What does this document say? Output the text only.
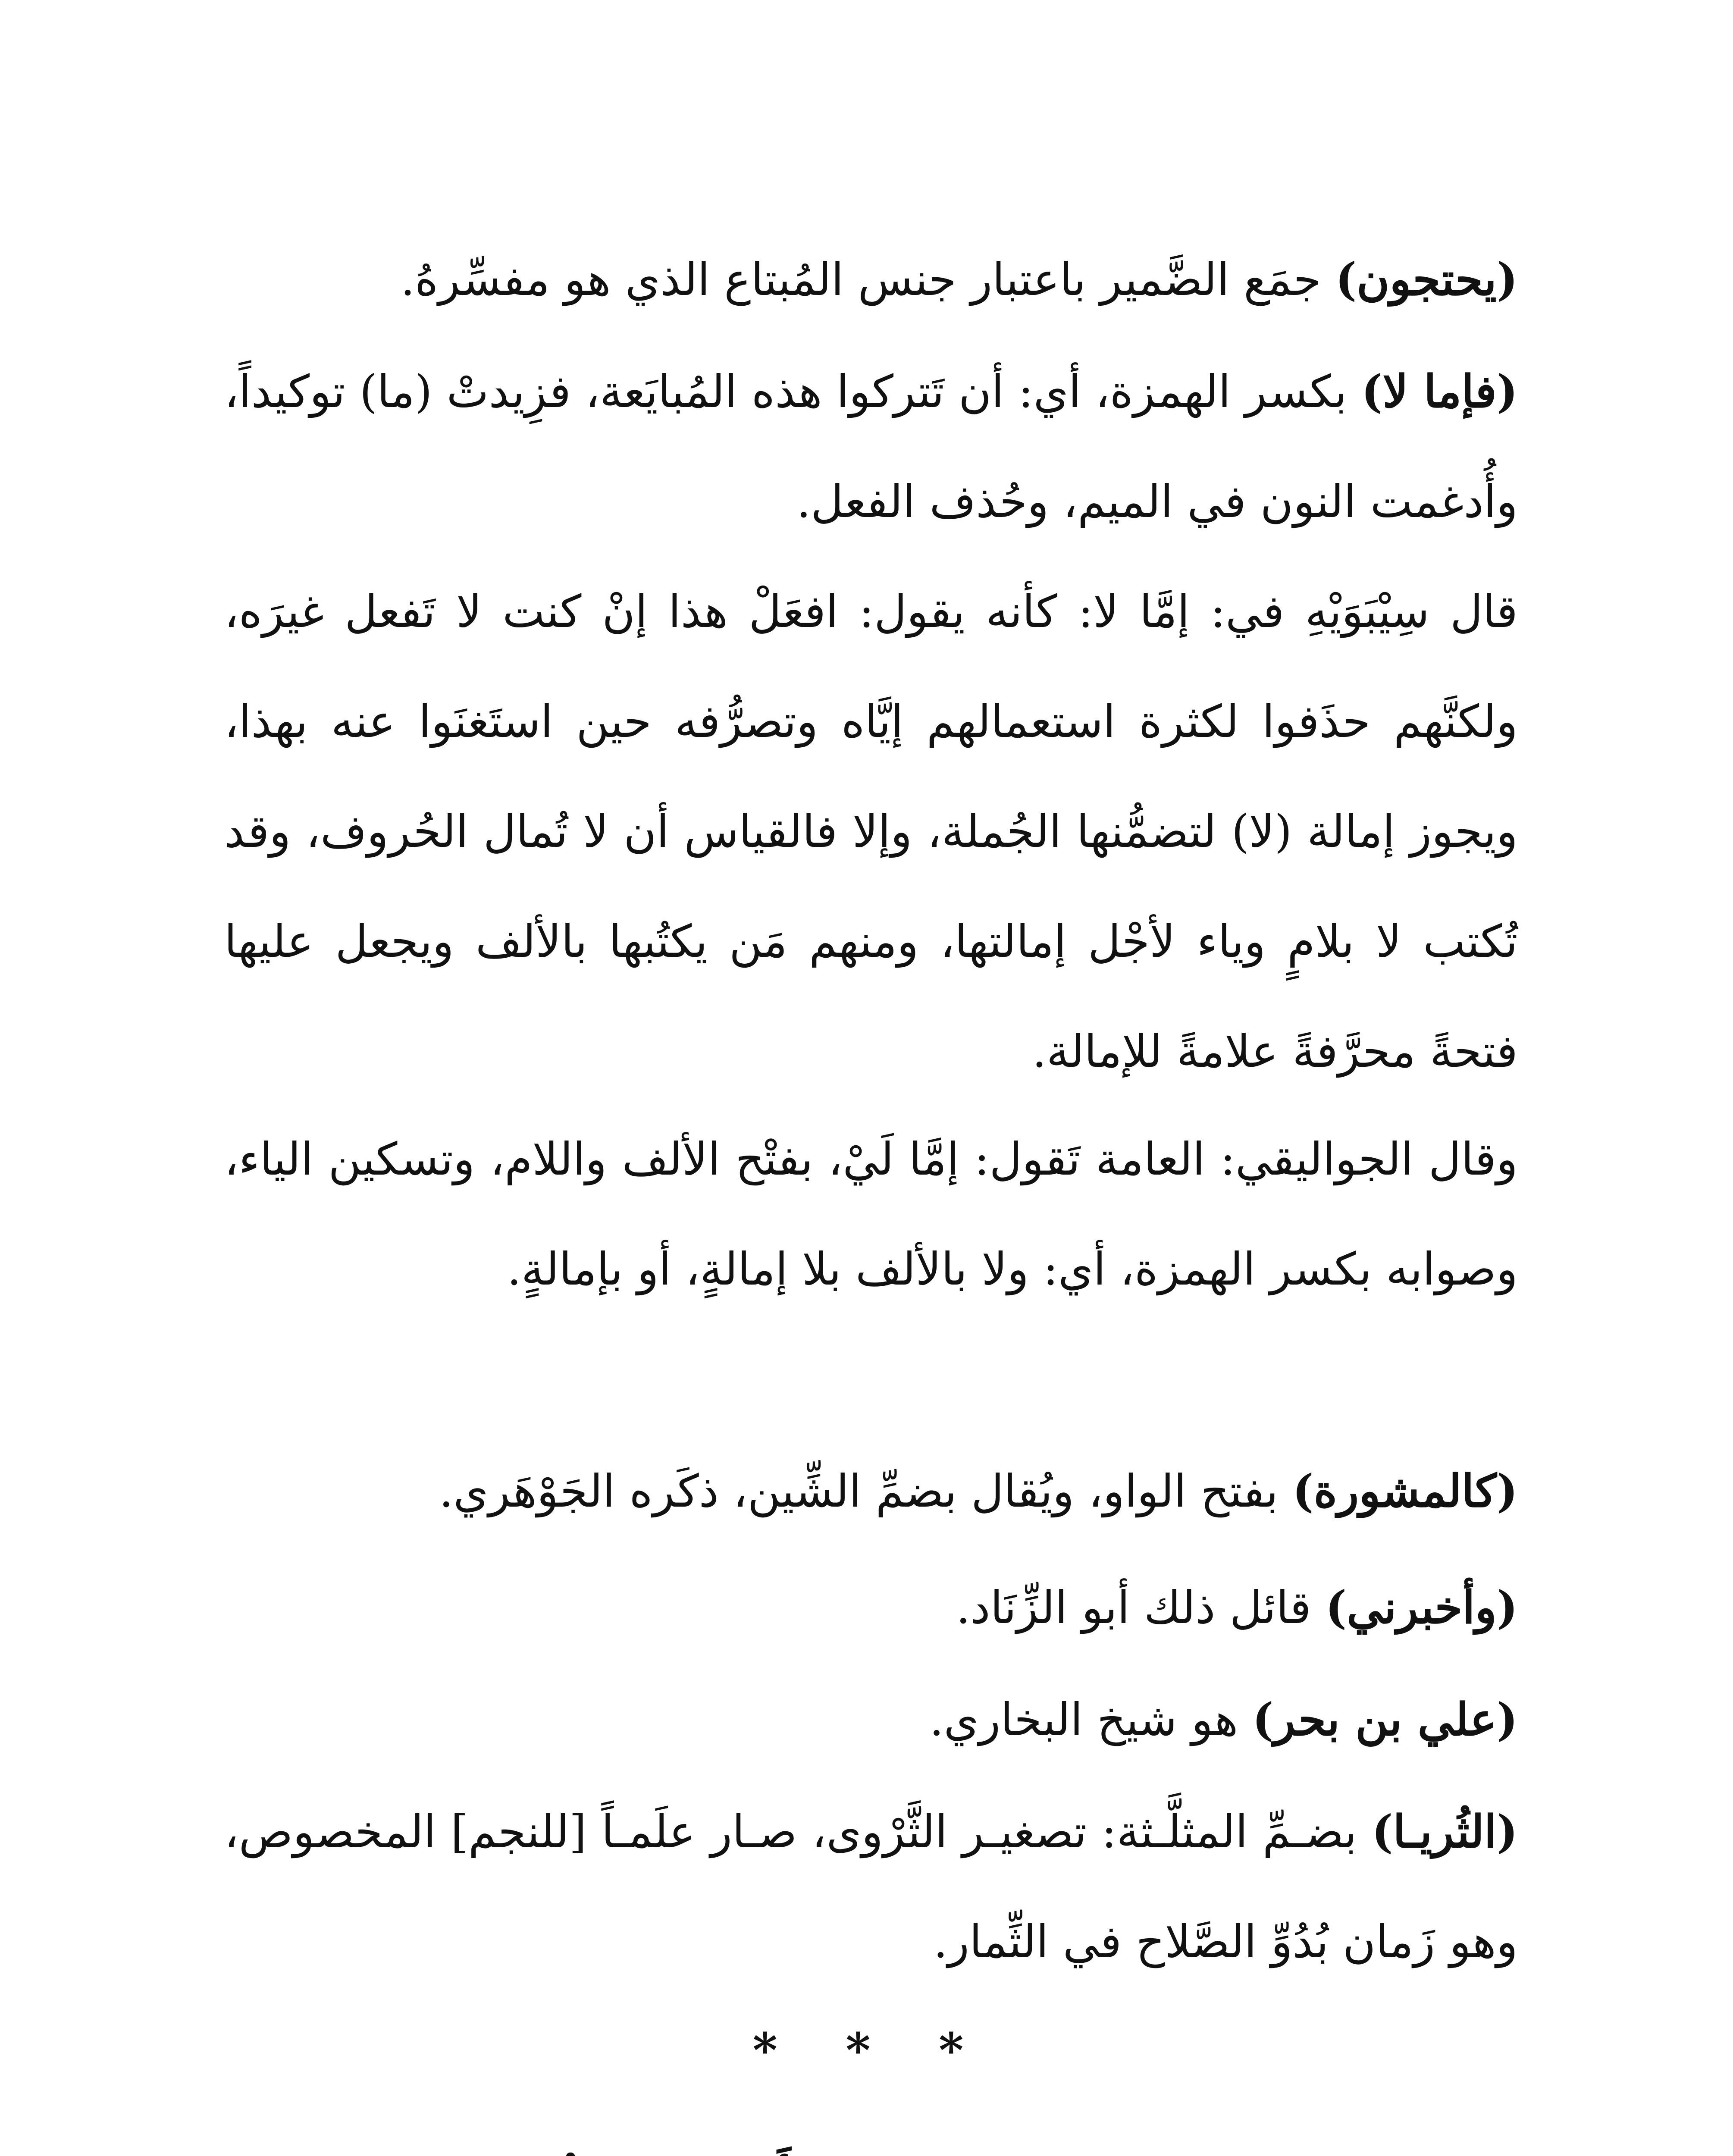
(يحتجون) جمَع الضَّمير باعتبار جنس المُبتاع الذي هو مفسِّرهُ.
(فإما لا) بكسر الهمزة، أي: أن تَتركوا هذه المُبايَعة، فزِيدتْ (ما) توكيداً، وأُدغمت النون في الميم، وحُذف الفعل.
قال سِيْبَوَيْهِ في: إمَّا لا: كأنه يقول: افعَلْ هذا إنْ كنت لا تَفعل غيرَه، ولكنَّهم حذَفوا لكثرة استعمالهم إيَّاه وتصرُّفه حين استَغنَوا عنه بهذا، ويجوز إمالة (لا) لتضمُّنها الجُملة، وإلا فالقياس أن لا تُمال الحُروف، وقد تُكتب لا بلامٍ وياء لأجْل إمالتها، ومنهم مَن يكتُبها بالألف ويجعل عليها فتحةً محرَّفةً علامةً للإمالة.
وقال الجواليقي: العامة تَقول: إمَّا لَيْ، بفتْح الألف واللام، وتسكين الياء، وصوابه بكسر الهمزة، أي: ولا بالألف بلا إمالةٍ، أو بإمالةٍ.
(كالمشورة) بفتح الواو، ويُقال بضمِّ الشِّين، ذكَره الجَوْهَري.
(وأخبرني) قائل ذلك أبو الزِّنَاد.
(علي بن بحر) هو شيخ البخاري.
(الثُريـا) بضـمِّ المثلَّـثة: تصغيـر الثَّرْوى، صـار علَمـاً [للنجم] المخصوص، وهو زَمان بُدُوِّ الصَّلاح في الثِّمار.
* * *
